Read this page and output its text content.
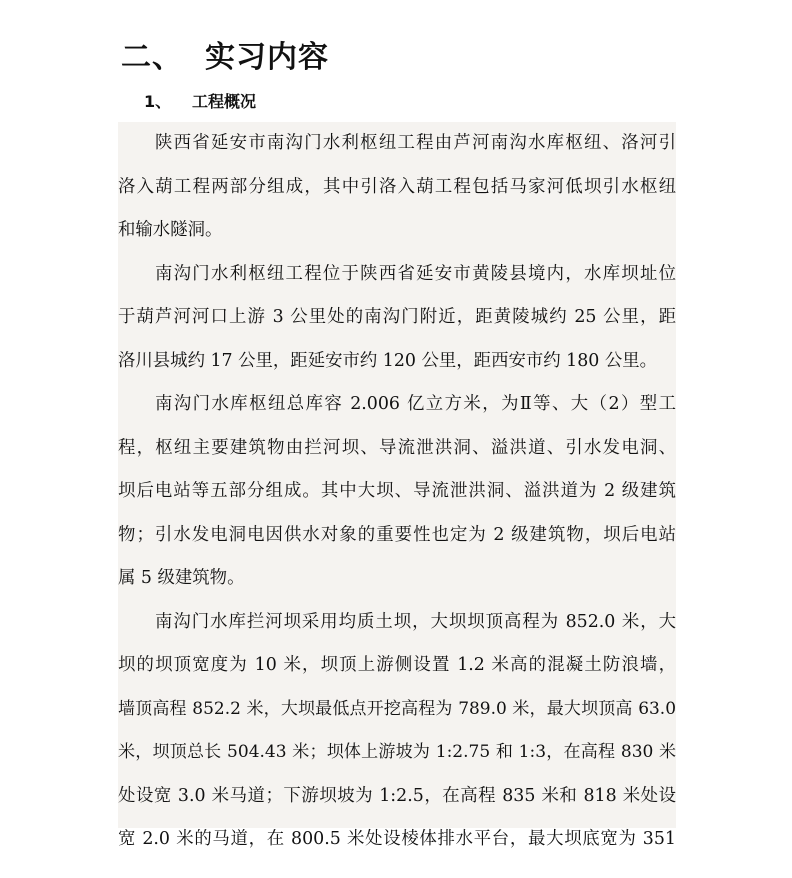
二、 实习内容
1、 工程概况
陕西省延安市南沟门水利枢纽工程由芦河南沟水库枢纽、洛河引
洛入葫工程两部分组成，其中引洛入葫工程包括马家河低坝引水枢纽
和输水隧洞。
南沟门水利枢纽工程位于陕西省延安市黄陵县境内，水库坝址位
于葫芦河河口上游 3 公里处的南沟门附近，距黄陵城约 25 公里，距
洛川县城约 17 公里，距延安市约 120 公里，距西安市约 180 公里。
南沟门水库枢纽总库容 2.006 亿立方米，为Ⅱ等、大（2）型工
程，枢纽主要建筑物由拦河坝、导流泄洪洞、溢洪道、引水发电洞、
坝后电站等五部分组成。其中大坝、导流泄洪洞、溢洪道为 2 级建筑
物；引水发电洞电因供水对象的重要性也定为 2 级建筑物，坝后电站
属 5 级建筑物。
南沟门水库拦河坝采用均质土坝，大坝坝顶高程为 852.0 米，大
坝的坝顶宽度为 10 米，坝顶上游侧设置 1.2 米高的混凝土防浪墙，
墙顶高程 852.2 米，大坝最低点开挖高程为 789.0 米，最大坝顶高 63.0
米，坝顶总长 504.43 米；坝体上游坡为 1:2.75 和 1:3，在高程 830 米
处设宽 3.0 米马道；下游坝坡为 1:2.5，在高程 835 米和 818 米处设
宽 2.0 米的马道，在 800.5 米处设棱体排水平台，最大坝底宽为 351
